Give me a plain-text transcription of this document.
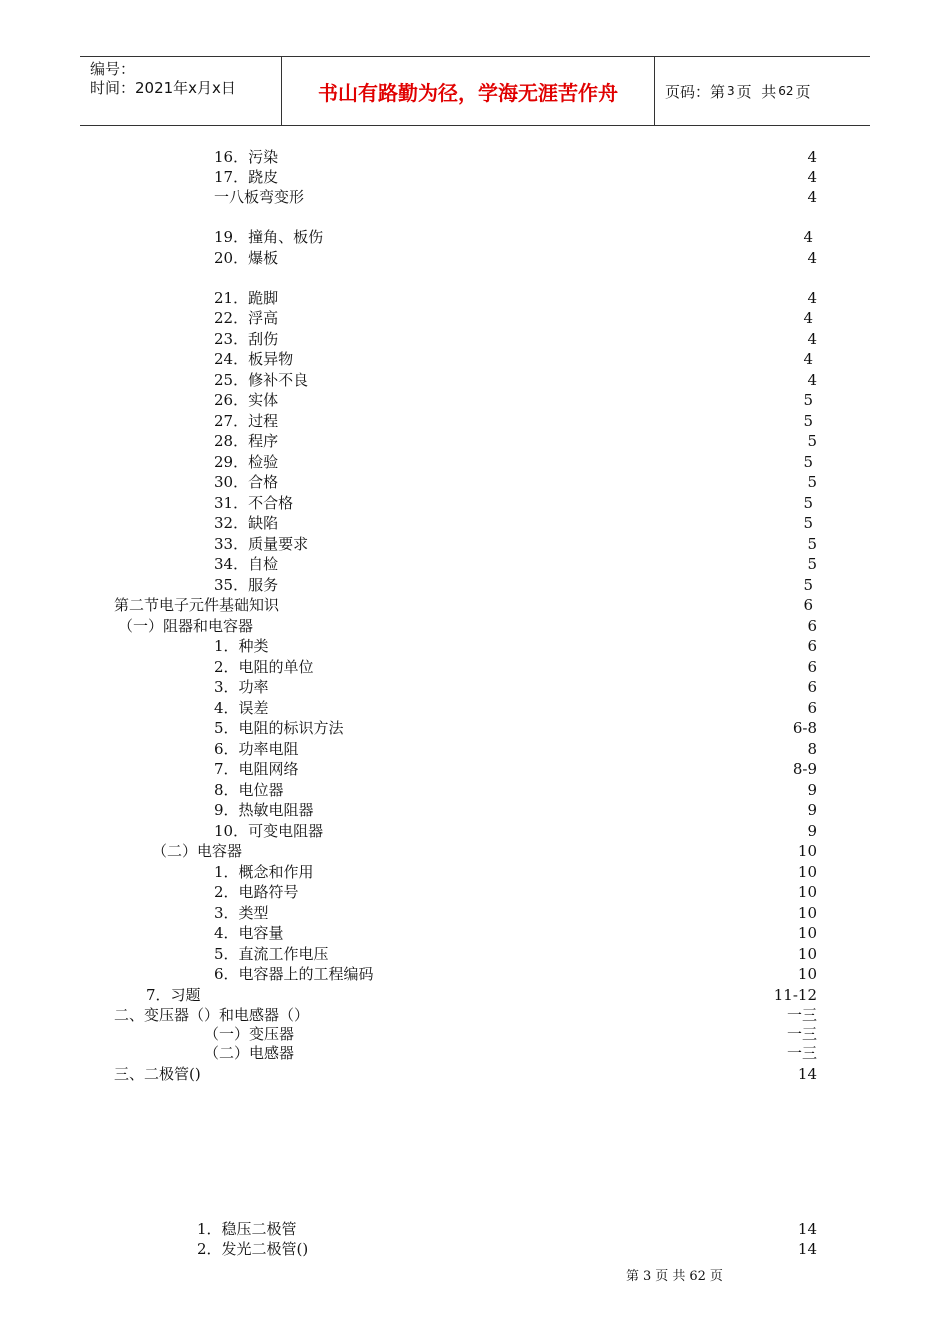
编号：
时间：2021年x月x日	书山有路勤为径，学海无涯苦作舟	页码：第 3 页  共 62 页
16．污染	4
17．跷皮	4
一八板弯变形	4
19．撞角、板伤	4
20．爆板	4
21．跪脚	4
22．浮高	4
23．刮伤	4
24．板异物	4
25．修补不良	4
26．实体	5
27．过程	5
28．程序	5
29．检验	5
30．合格	5
31．不合格	5
32．缺陷	5
33．质量要求	5
34．自检	5
35．服务	5
第二节电子元件基础知识	6
（一）阻器和电容器	6
1．种类	6
2．电阻的单位	6
3．功率	6
4．误差	6
5．电阻的标识方法	6-8
6．功率电阻	8
7．电阻网络	8-9
8．电位器	9
9．热敏电阻器	9
10．可变电阻器	9
（二）电容器	10
1．概念和作用	10
2．电路符号	10
3．类型	10
4．电容量	10
5．直流工作电压	10
6．电容器上的工程编码	10
7．习题	11-12
二、变压器（）和电感器（）	一三
（一）变压器	一三
（二）电感器	一三
三、二极管()	14
1．稳压二极管	14
2．发光二极管()	14
第 3 页 共 62 页
